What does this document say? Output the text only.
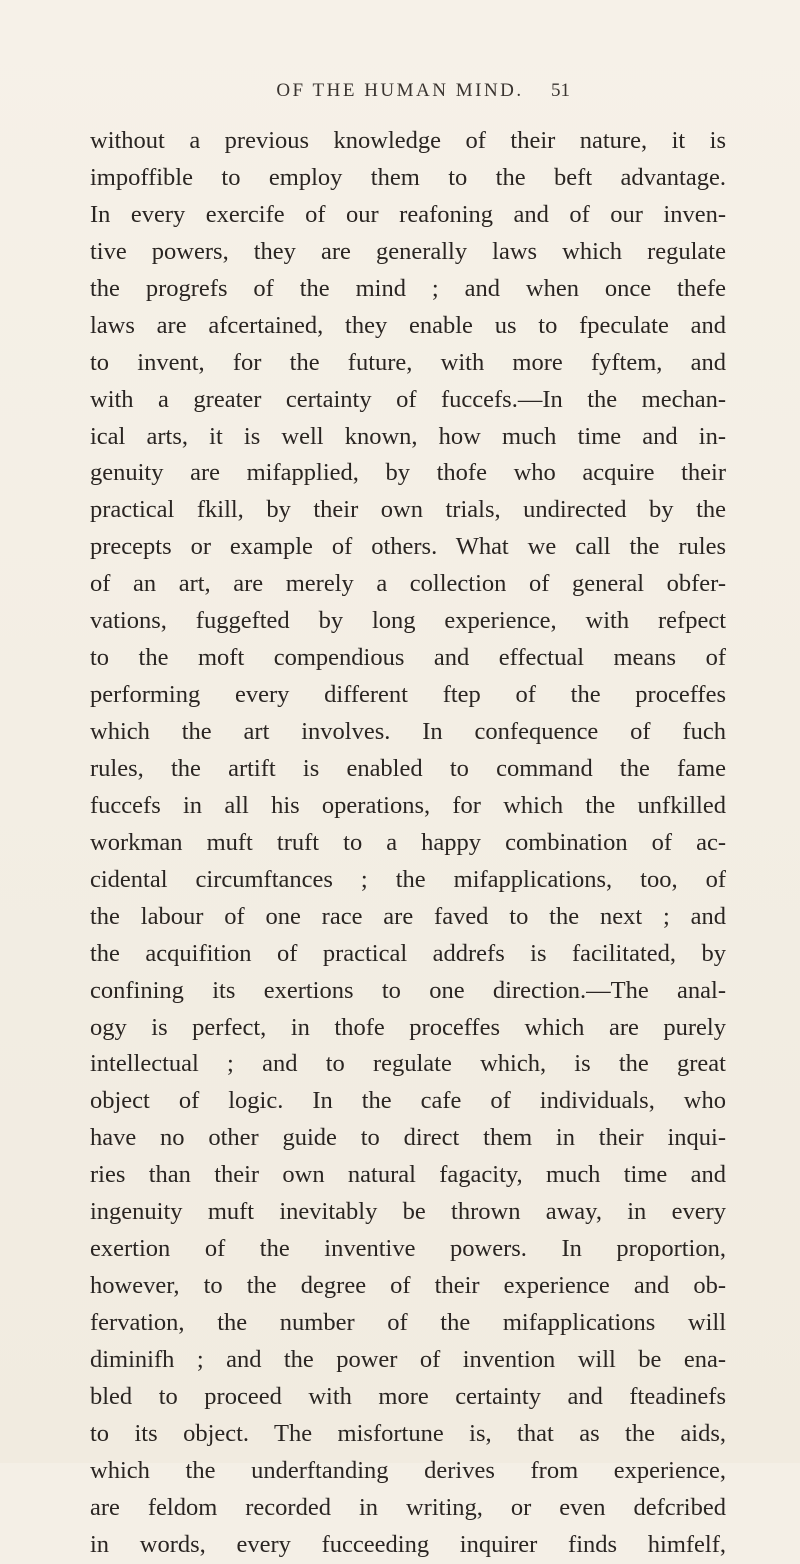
OF THE HUMAN MIND.	51
without a previous knowledge of their nature, it is
impoffible to employ them to the beft advantage.
In every exercife of our reafoning and of our inven-
tive powers, they are generally laws which regulate
the progrefs of the mind ; and when once thefe
laws are afcertained, they enable us to fpeculate and
to invent, for the future, with more fyftem, and
with a greater certainty of fuccefs.—In the mechan-
ical arts, it is well known, how much time and in-
genuity are mifapplied, by thofe who acquire their
practical fkill, by their own trials, undirected by the
precepts or example of others. What we call the rules
of an art, are merely a collection of general obfer-
vations, fuggefted by long experience, with refpect
to the moft compendious and effectual means of
performing every different ftep of the proceffes
which the art involves. In confequence of fuch
rules, the artift is enabled to command the fame
fuccefs in all his operations, for which the unfkilled
workman muft truft to a happy combination of ac-
cidental circumftances ; the mifapplications, too, of
the labour of one race are faved to the next ; and
the acquifition of practical addrefs is facilitated, by
confining its exertions to one direction.—The anal-
ogy is perfect, in thofe proceffes which are purely
intellectual ; and to regulate which, is the great
object of logic. In the cafe of individuals, who
have no other guide to direct them in their inqui-
ries than their own natural fagacity, much time and
ingenuity muft inevitably be thrown away, in every
exertion of the inventive powers. In proportion,
however, to the degree of their experience and ob-
fervation, the number of the mifapplications will
diminifh ; and the power of invention will be ena-
bled to proceed with more certainty and fteadinefs
to its object. The misfortune is, that as the aids,
which the underftanding derives from experience,
are feldom recorded in writing, or even defcribed
in words, every fucceeding inquirer finds himfelf,
